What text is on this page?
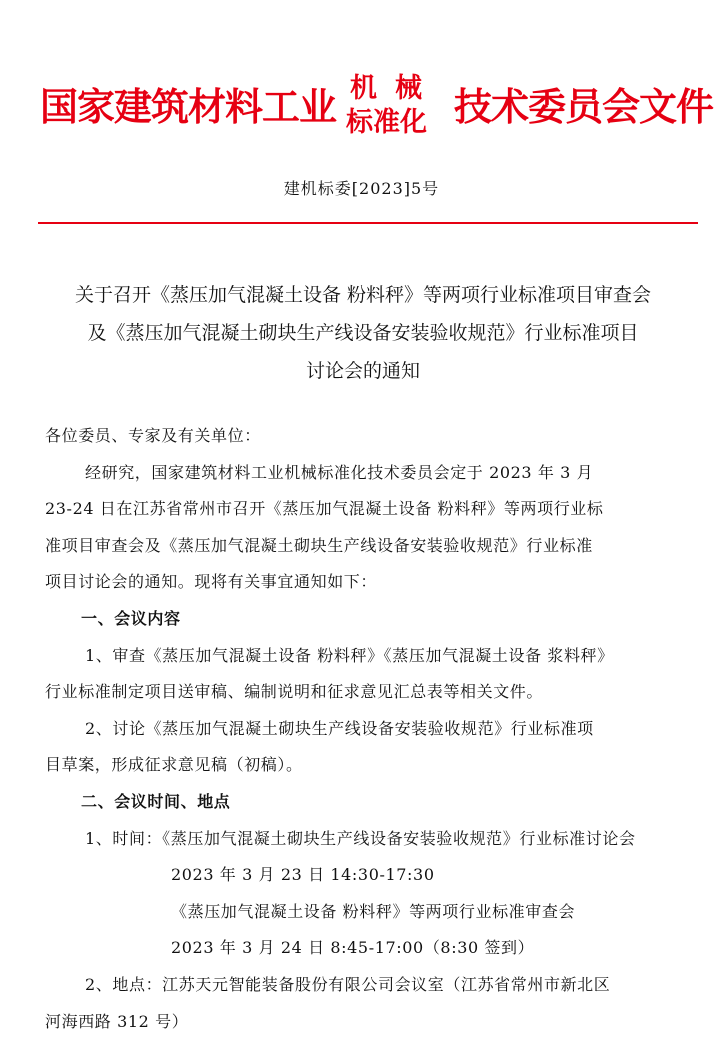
国家建筑材料工业 机械
标准化 技术委员会文件
建机标委[2023]5号
关于召开《蒸压加气混凝土设备 粉料秤》等两项行业标准项目审查会
及《蒸压加气混凝土砌块生产线设备安装验收规范》行业标准项目
讨论会的通知
各位委员、专家及有关单位：
经研究，国家建筑材料工业机械标准化技术委员会定于 2023 年 3 月
23-24 日在江苏省常州市召开《蒸压加气混凝土设备 粉料秤》等两项行业标
准项目审查会及《蒸压加气混凝土砌块生产线设备安装验收规范》行业标准
项目讨论会的通知。现将有关事宜通知如下：
一、会议内容
1、审查《蒸压加气混凝土设备 粉料秤》《蒸压加气混凝土设备 浆料秤》
行业标准制定项目送审稿、编制说明和征求意见汇总表等相关文件。
2、讨论《蒸压加气混凝土砌块生产线设备安装验收规范》行业标准项
目草案，形成征求意见稿（初稿）。
二、会议时间、地点
1、时间：《蒸压加气混凝土砌块生产线设备安装验收规范》行业标准讨论会
2023 年 3 月 23 日 14:30-17:30
《蒸压加气混凝土设备 粉料秤》等两项行业标准审查会
2023 年 3 月 24 日 8:45-17:00（8:30 签到）
2、地点：江苏天元智能装备股份有限公司会议室（江苏省常州市新北区
河海西路 312 号）
